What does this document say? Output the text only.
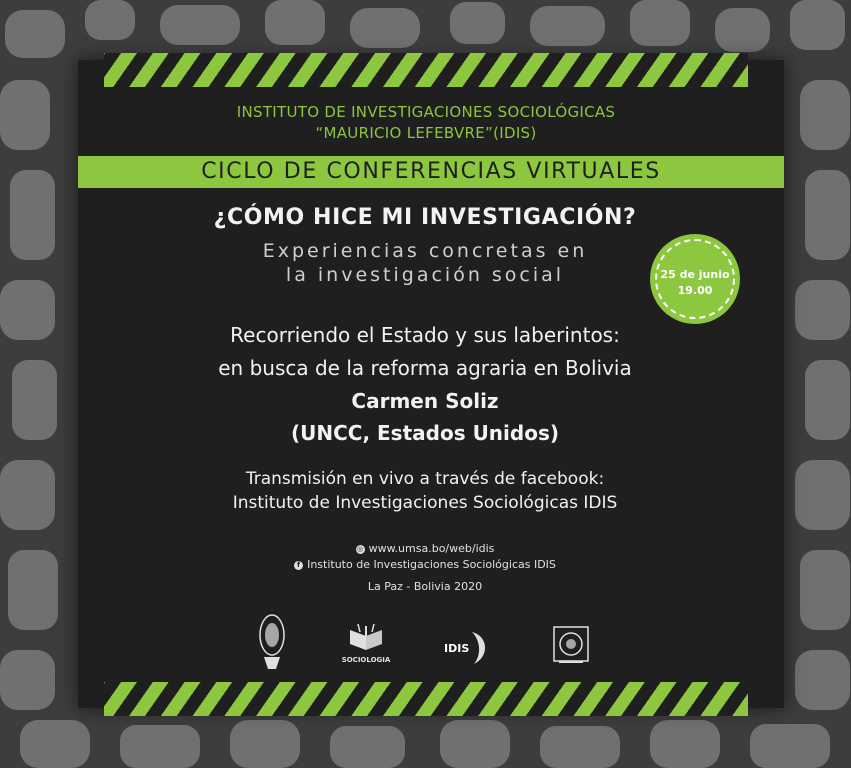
INSTITUTO DE INVESTIGACIONES SOCIOLÓGICAS
“MAURICIO LEFEBVRE”(IDIS)
CICLO DE CONFERENCIAS VIRTUALES
¿CÓMO HICE MI INVESTIGACIÓN?
Experiencias concretas en
la investigación social	25 de junio
19.00
Recorriendo el Estado y sus laberintos:
en busca de la reforma agraria en Bolivia
Carmen Soliz
(UNCC, Estados Unidos)
Transmisión en vivo a través de facebook:
Instituto de Investigaciones Sociológicas IDIS
◎ www.umsa.bo/web/idis
f Instituto de Investigaciones Sociológicas IDIS
La Paz - Bolivia 2020
SOCIOLOGIA
IDIS
